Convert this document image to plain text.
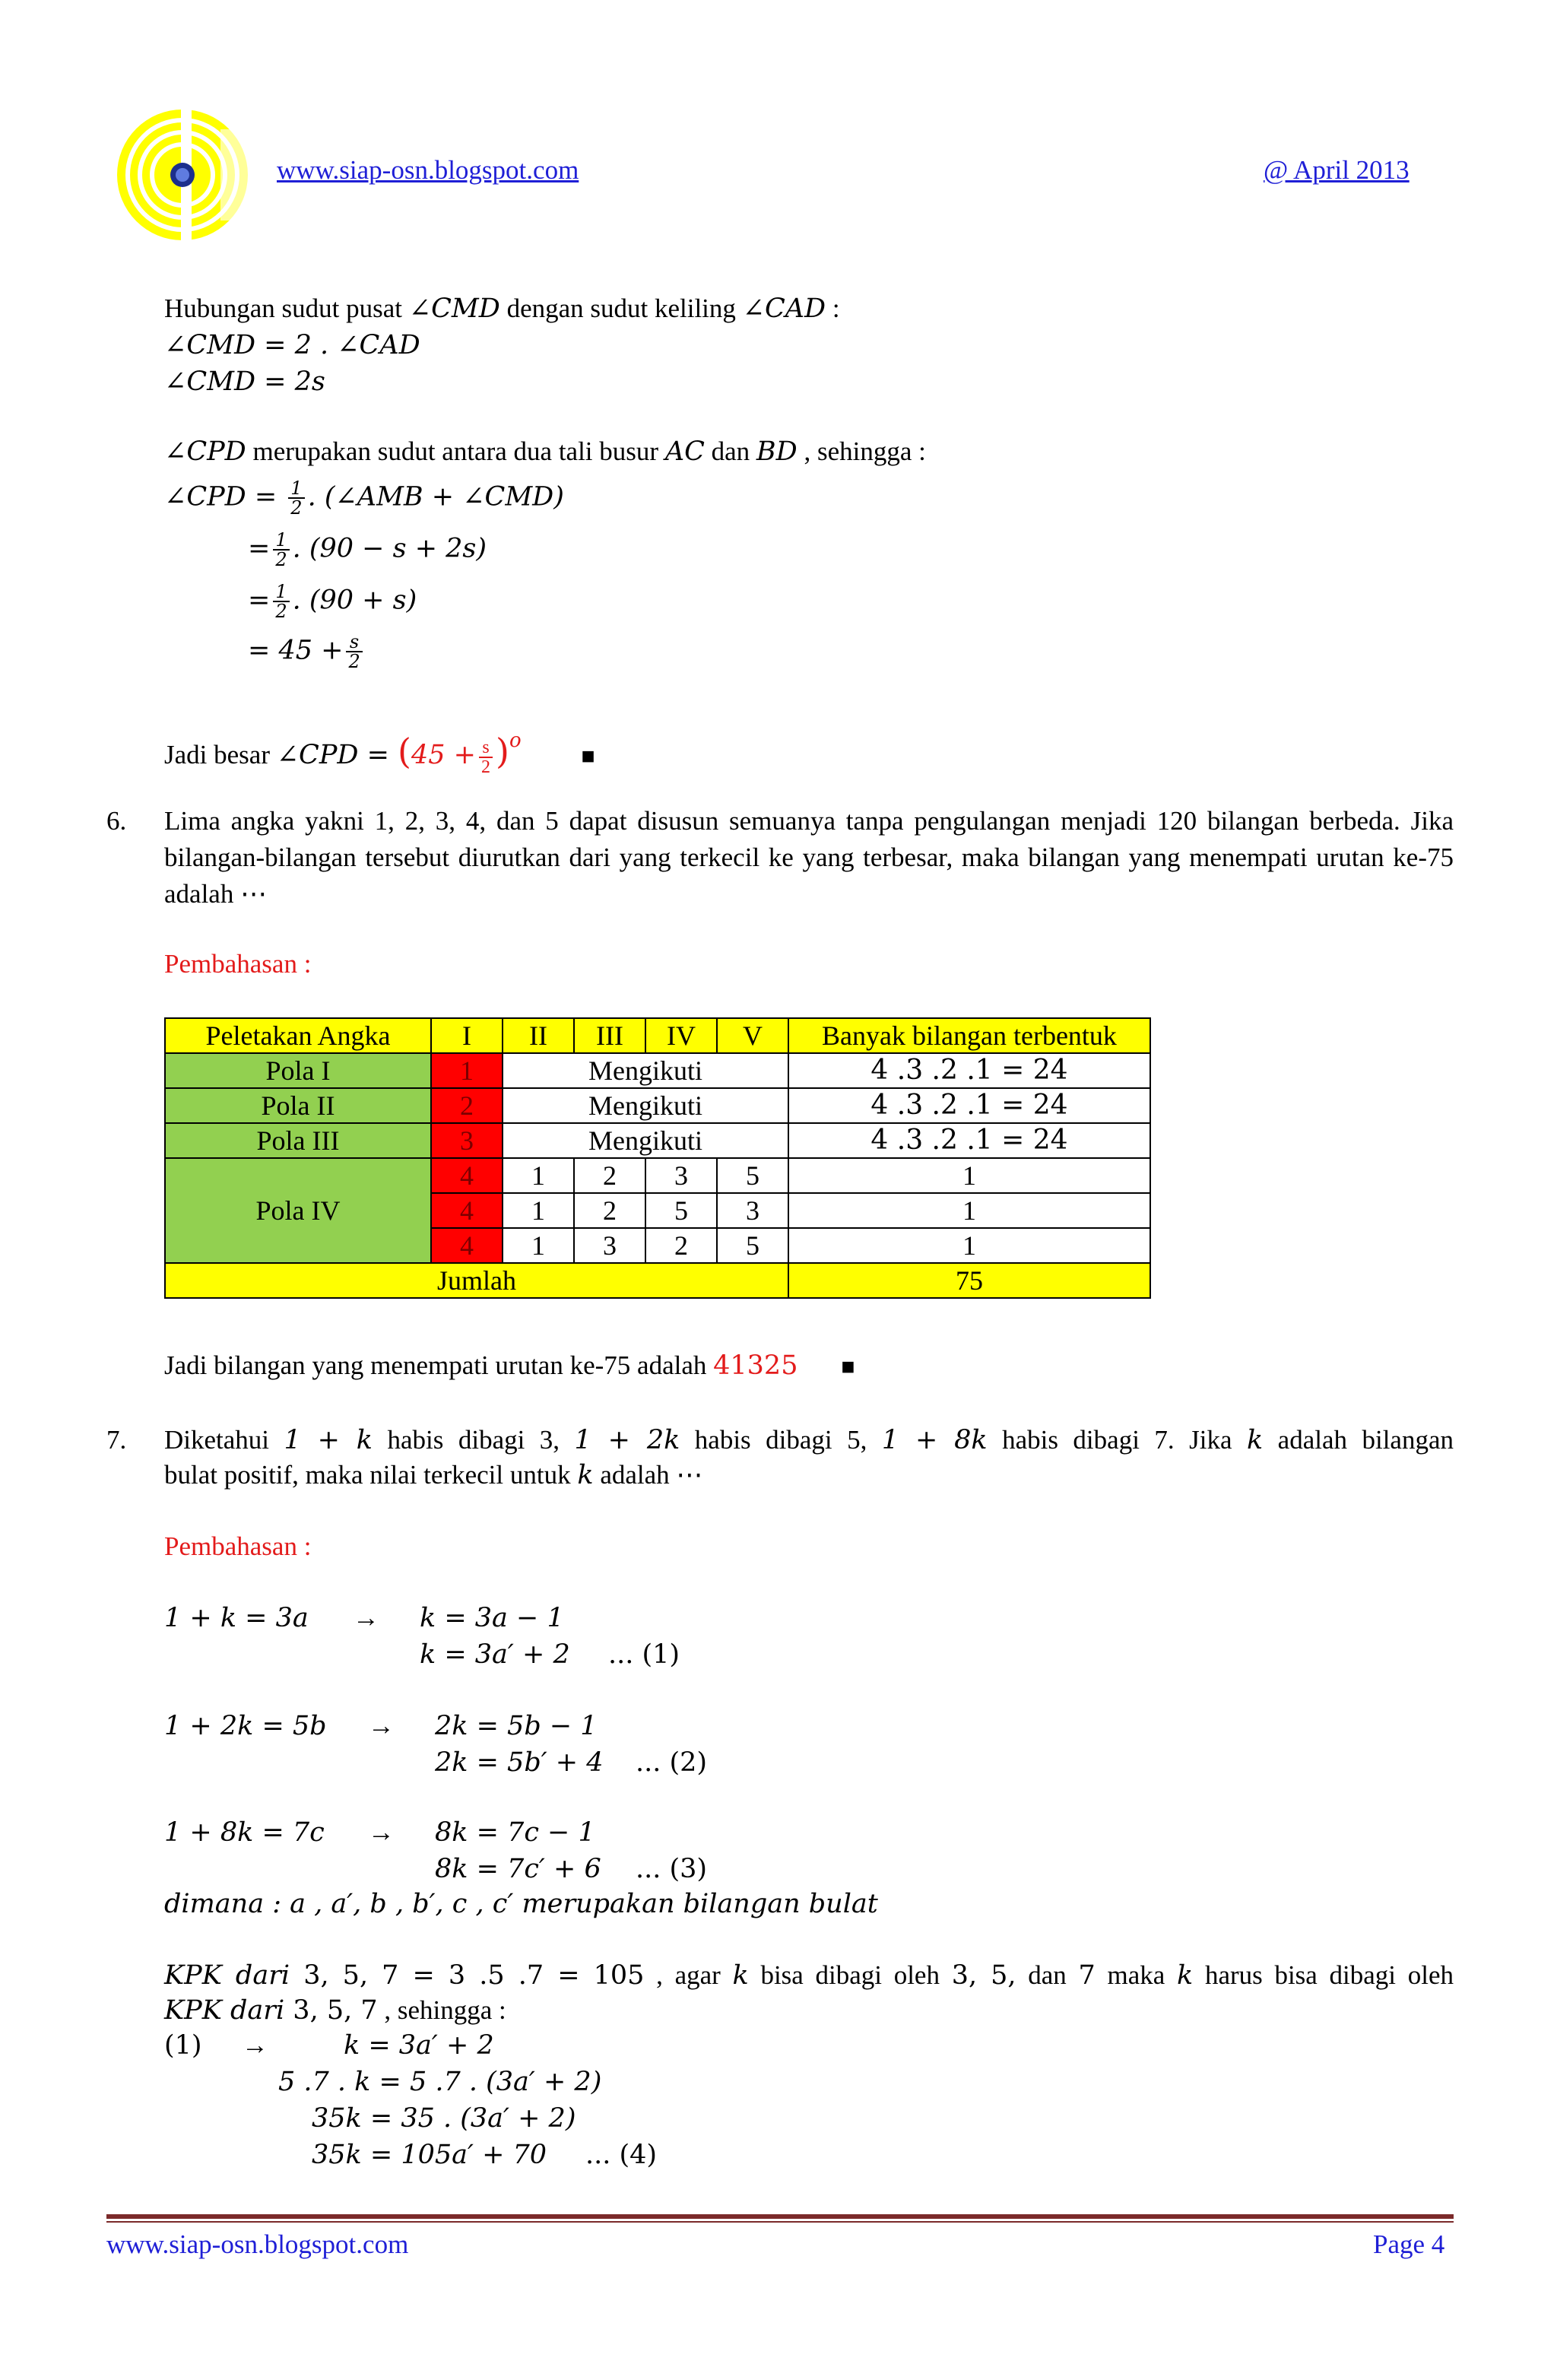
www.siap-osn.blogspot.com	@ April 2013
Hubungan sudut pusat ∠CMD dengan sudut keliling ∠CAD :
∠CMD = 2 . ∠CAD
∠CMD = 2s
∠CPD merupakan sudut antara dua tali busur AC dan BD , sehingga :
∠CPD = $\frac{1}{2}$ . (∠AMB + ∠CMD)
= $\frac{1}{2}$ . (90 − s + 2s)
= $\frac{1}{2}$ . (90 + s)
= $45 + \frac{s}{2}$
Jadi besar ∠CPD = $(45 + \frac{s}{2} )^o$ ■
6. Lima angka yakni 1, 2, 3, 4, dan 5 dapat disusun semuanya tanpa pengulangan menjadi 120 bilangan berbeda. Jika bilangan-bilangan tersebut diurutkan dari yang terkecil ke yang terbesar, maka bilangan yang menempati urutan ke-75 adalah ⋯
Pembahasan :
Peletakan Angka	I	II	III	IV	V	Banyak bilangan terbentuk
Pola I	1	Mengikuti				4 .3 .2 .1 = 24
Pola II	2	Mengikuti				4 .3 .2 .1 = 24
Pola III	3	Mengikuti				4 .3 .2 .1 = 24
Pola IV	4	1	2	3	5	1
	4	1	2	5	3	1
	4	1	3	2	5	1
Jumlah						75
Jadi bilangan yang menempati urutan ke-75 adalah 41325 ■
7. Diketahui 1 + k habis dibagi 3, 1 + 2k habis dibagi 5, 1 + 8k habis dibagi 7. Jika k adalah bilangan
bulat positif, maka nilai terkecil untuk k adalah ⋯
Pembahasan :
1 + k = 3a → k = 3a − 1
k = 3a′ + 2 ... (1)
1 + 2k = 5b → 2k = 5b − 1
2k = 5b′ + 4 ... (2)
1 + 8k = 7c → 8k = 7c − 1
8k = 7c′ + 6 ... (3)
dimana : a , a′, b , b′, c , c′ merupakan bilangan bulat
KPK dari 3, 5, 7 = 3 .5 .7 = 105 , agar k bisa dibagi oleh 3, 5, dan 7 maka k harus bisa dibagi oleh
KPK dari 3, 5, 7 , sehingga :
(1) →	k = 3a′ + 2
5 .7 . k = 5 .7 . (3a′ + 2)
35k = 35 . (3a′ + 2)
35k = 105a′ + 70 ... (4)
www.siap-osn.blogspot.com	Page 4
